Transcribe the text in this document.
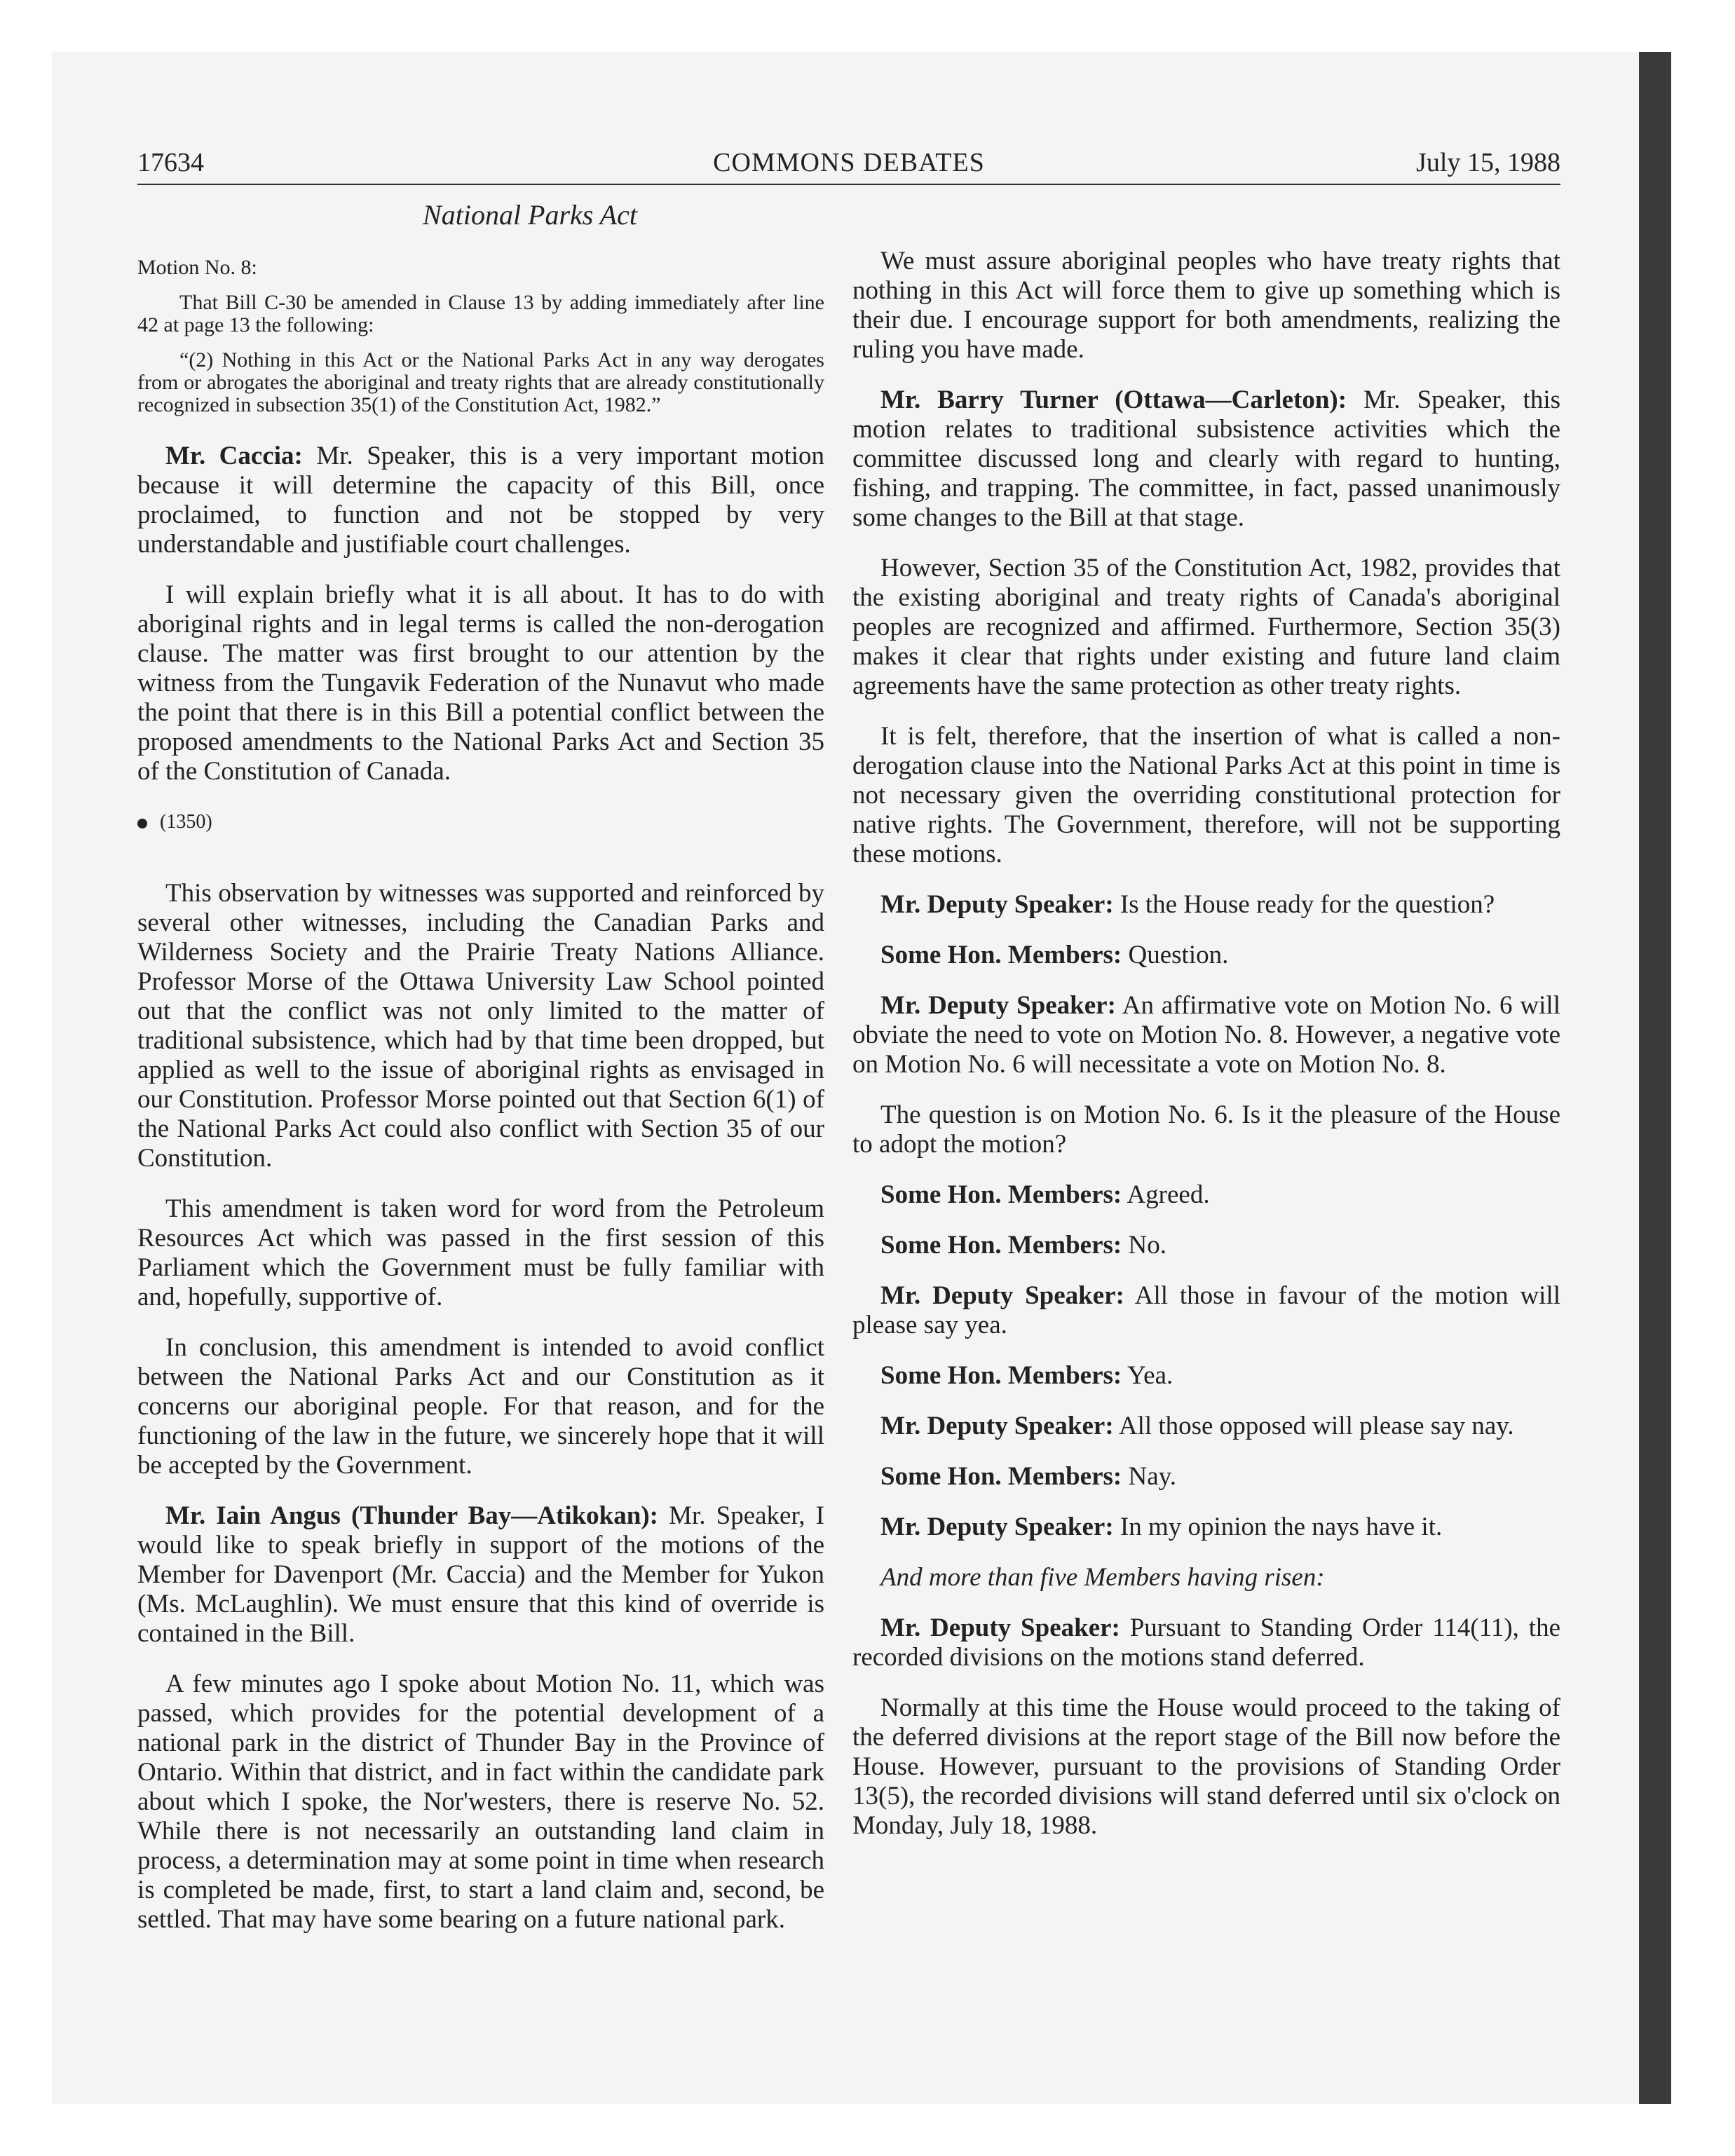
17634	COMMONS DEBATES	July 15, 1988

National Parks Act

Motion No. 8:

That Bill C-30 be amended in Clause 13 by adding immediately after line 42 at page 13 the following:

“(2) Nothing in this Act or the National Parks Act in any way derogates from or abrogates the aboriginal and treaty rights that are already constitutionally recognized in subsection 35(1) of the Constitution Act, 1982.”

Mr. Caccia: Mr. Speaker, this is a very important motion because it will determine the capacity of this Bill, once proclaimed, to function and not be stopped by very understandable and justifiable court challenges.

I will explain briefly what it is all about. It has to do with aboriginal rights and in legal terms is called the non-derogation clause. The matter was first brought to our attention by the witness from the Tungavik Federation of the Nunavut who made the point that there is in this Bill a potential conflict between the proposed amendments to the National Parks Act and Section 35 of the Constitution of Canada.

(1350)

This observation by witnesses was supported and reinforced by several other witnesses, including the Canadian Parks and Wilderness Society and the Prairie Treaty Nations Alliance. Professor Morse of the Ottawa University Law School pointed out that the conflict was not only limited to the matter of traditional subsistence, which had by that time been dropped, but applied as well to the issue of aboriginal rights as envisaged in our Constitution. Professor Morse pointed out that Section 6(1) of the National Parks Act could also conflict with Section 35 of our Constitution.

This amendment is taken word for word from the Petroleum Resources Act which was passed in the first session of this Parliament which the Government must be fully familiar with and, hopefully, supportive of.

In conclusion, this amendment is intended to avoid conflict between the National Parks Act and our Constitution as it concerns our aboriginal people. For that reason, and for the functioning of the law in the future, we sincerely hope that it will be accepted by the Government.

Mr. Iain Angus (Thunder Bay—Atikokan): Mr. Speaker, I would like to speak briefly in support of the motions of the Member for Davenport (Mr. Caccia) and the Member for Yukon (Ms. McLaughlin). We must ensure that this kind of override is contained in the Bill.

A few minutes ago I spoke about Motion No. 11, which was passed, which provides for the potential development of a national park in the district of Thunder Bay in the Province of Ontario. Within that district, and in fact within the candidate park about which I spoke, the Nor'westers, there is reserve No. 52. While there is not necessarily an outstanding land claim in process, a determination may at some point in time when research is completed be made, first, to start a land claim and, second, be settled. That may have some bearing on a future national park.

We must assure aboriginal peoples who have treaty rights that nothing in this Act will force them to give up something which is their due. I encourage support for both amendments, realizing the ruling you have made.

Mr. Barry Turner (Ottawa—Carleton): Mr. Speaker, this motion relates to traditional subsistence activities which the committee discussed long and clearly with regard to hunting, fishing, and trapping. The committee, in fact, passed unanimously some changes to the Bill at that stage.

However, Section 35 of the Constitution Act, 1982, provides that the existing aboriginal and treaty rights of Canada's aboriginal peoples are recognized and affirmed. Furthermore, Section 35(3) makes it clear that rights under existing and future land claim agreements have the same protection as other treaty rights.

It is felt, therefore, that the insertion of what is called a non-derogation clause into the National Parks Act at this point in time is not necessary given the overriding constitutional protection for native rights. The Government, therefore, will not be supporting these motions.

Mr. Deputy Speaker: Is the House ready for the question?

Some Hon. Members: Question.

Mr. Deputy Speaker: An affirmative vote on Motion No. 6 will obviate the need to vote on Motion No. 8. However, a negative vote on Motion No. 6 will necessitate a vote on Motion No. 8.

The question is on Motion No. 6. Is it the pleasure of the House to adopt the motion?

Some Hon. Members: Agreed.

Some Hon. Members: No.

Mr. Deputy Speaker: All those in favour of the motion will please say yea.

Some Hon. Members: Yea.

Mr. Deputy Speaker: All those opposed will please say nay.

Some Hon. Members: Nay.

Mr. Deputy Speaker: In my opinion the nays have it.

And more than five Members having risen:

Mr. Deputy Speaker: Pursuant to Standing Order 114(11), the recorded divisions on the motions stand deferred.

Normally at this time the House would proceed to the taking of the deferred divisions at the report stage of the Bill now before the House. However, pursuant to the provisions of Standing Order 13(5), the recorded divisions will stand deferred until six o'clock on Monday, July 18, 1988.
